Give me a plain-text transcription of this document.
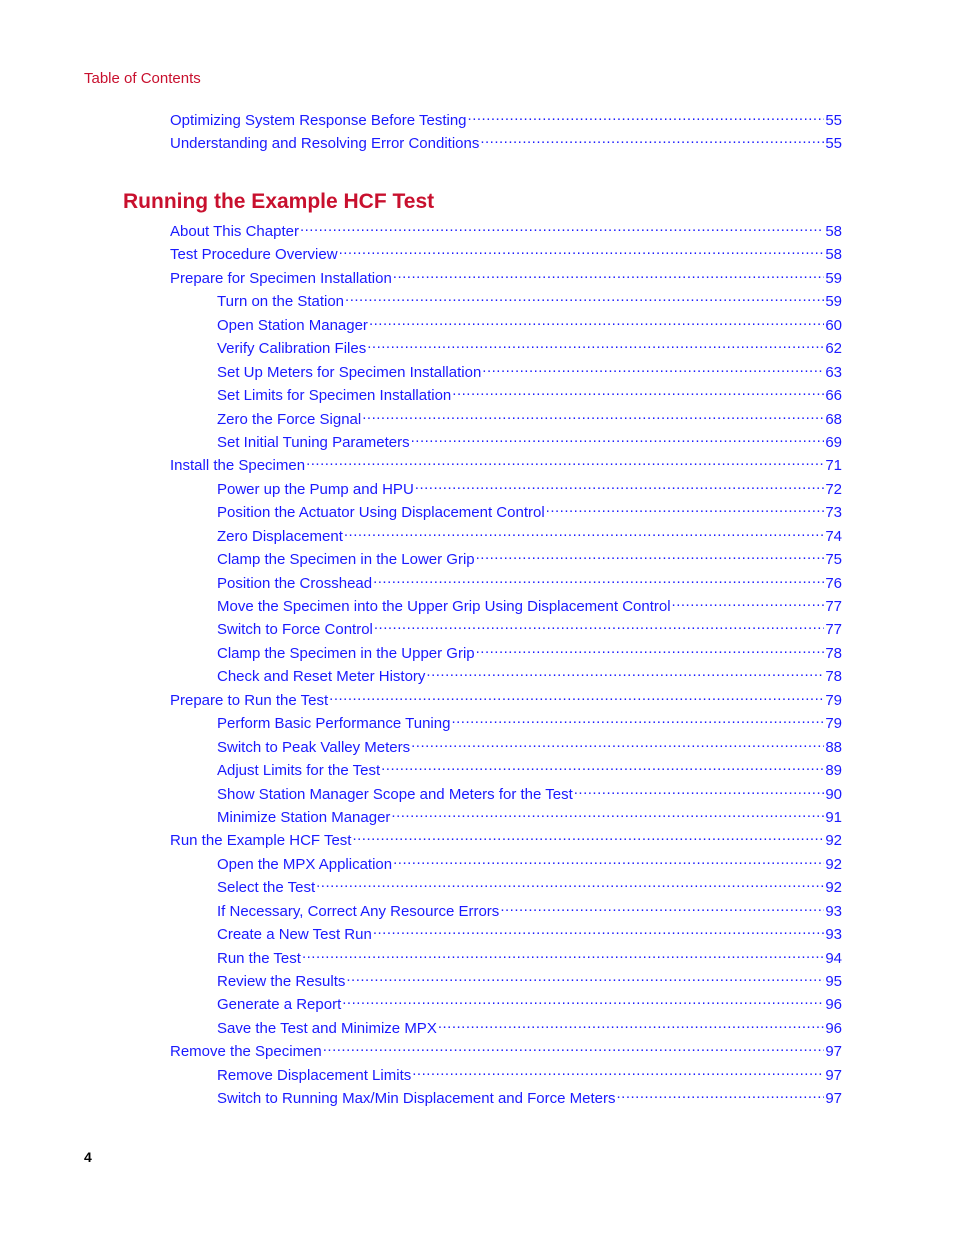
Table of Contents
Optimizing System Response Before Testing .....	55
Understanding and Resolving Error Conditions .....	55
Running the Example HCF Test
About This Chapter .....	58
Test Procedure Overview .....	58
Prepare for Specimen Installation .....	59
Turn on the Station .....	59
Open Station Manager .....	60
Verify Calibration Files .....	62
Set Up Meters for Specimen Installation .....	63
Set Limits for Specimen Installation .....	66
Zero the Force Signal .....	68
Set Initial Tuning Parameters .....	69
Install the Specimen .....	71
Power up the Pump and HPU .....	72
Position the Actuator Using Displacement Control .....	73
Zero Displacement .....	74
Clamp the Specimen in the Lower Grip .....	75
Position the Crosshead .....	76
Move the Specimen into the Upper Grip Using Displacement Control .....	77
Switch to Force Control .....	77
Clamp the Specimen in the Upper Grip .....	78
Check and Reset Meter History .....	78
Prepare to Run the Test .....	79
Perform Basic Performance Tuning .....	79
Switch to Peak Valley Meters .....	88
Adjust Limits for the Test .....	89
Show Station Manager Scope and Meters for the Test .....	90
Minimize Station Manager .....	91
Run the Example HCF Test .....	92
Open the MPX Application .....	92
Select the Test .....	92
If Necessary, Correct Any Resource Errors .....	93
Create a New Test Run .....	93
Run the Test .....	94
Review the Results .....	95
Generate a Report .....	96
Save the Test and Minimize MPX .....	96
Remove the Specimen .....	97
Remove Displacement Limits .....	97
Switch to Running Max/Min Displacement and Force Meters .....	97
4
